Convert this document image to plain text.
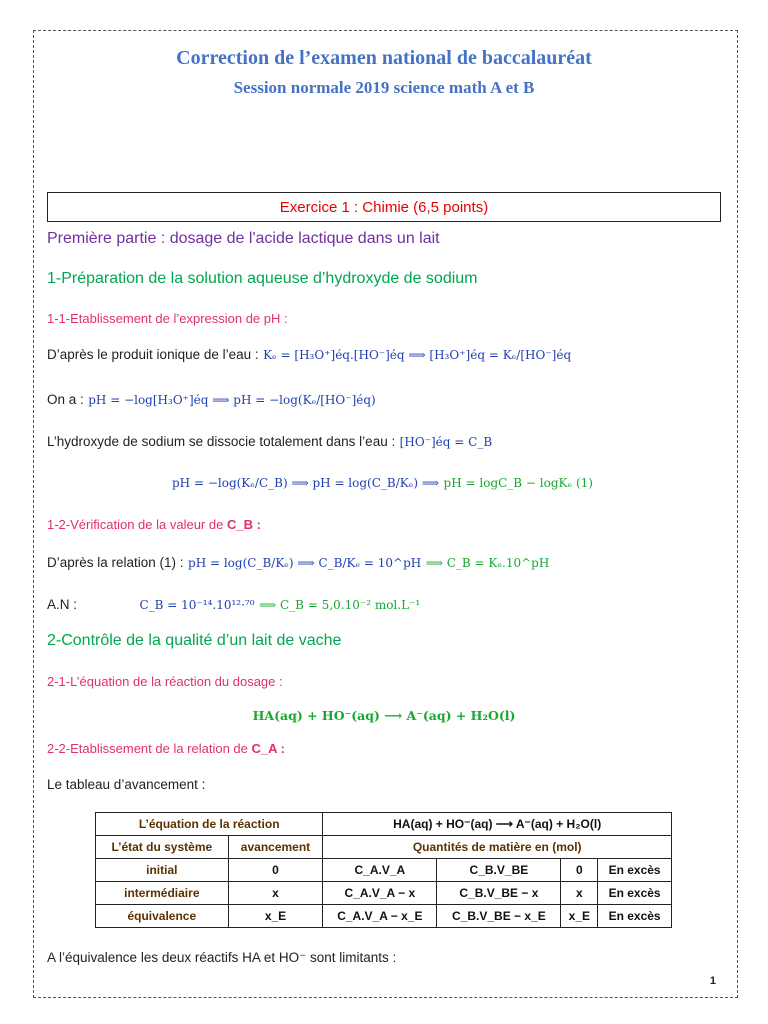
Correction de l’examen national de baccalauréat
Session normale 2019 science math A et B
Exercice 1 : Chimie (6,5 points)
Première partie : dosage de l'acide lactique dans un lait
1-Préparation de la solution aqueuse d’hydroxyde de sodium
1-1-Etablissement de l’expression de pH :
D’après le produit ionique de l’eau : Kₑ = [H₃O⁺]éq.[HO⁻]éq ⟹ [H₃O⁺]éq = Kₑ/[HO⁻]éq
On a : pH = −log[H₃O⁺]éq ⟹ pH = −log(Kₑ/[HO⁻]éq)
L’hydroxyde de sodium se dissocie totalement dans l’eau : [HO⁻]éq = C_B
pH = −log(Kₑ/C_B) ⟹ pH = log(C_B/Kₑ) ⟹ pH = logC_B − logKₑ (1)
1-2-Vérification de la valeur de C_B :
D’après la relation (1) : pH = log(C_B/Kₑ) ⟹ C_B/Kₑ = 10^pH ⟹ C_B = Kₑ.10^pH
A.N :	C_B = 10⁻¹⁴.10¹²·⁷⁰ ⟹ C_B = 5,0.10⁻² mol.L⁻¹
2-Contrôle de la qualité d’un lait de vache
2-1-L’équation de la réaction du dosage :
HA(aq) + HO⁻(aq) ⟶ A⁻(aq) + H₂O(l)
2-2-Etablissement de la relation de C_A :
Le tableau d’avancement :
L’équation de la réaction		HA(aq) + HO⁻(aq) ⟶ A⁻(aq) + H₂O(l)			
L’état du système	avancement	Quantités de matière en (mol)			
initial	0	C_A.V_A	C_B.V_BE	0	En excès
intermédiaire	x	C_A.V_A − x	C_B.V_BE − x	x	En excès
équivalence	x_E	C_A.V_A − x_E	C_B.V_BE − x_E	x_E	En excès
A l’équivalence les deux réactifs HA et HO⁻ sont limitants :
1
